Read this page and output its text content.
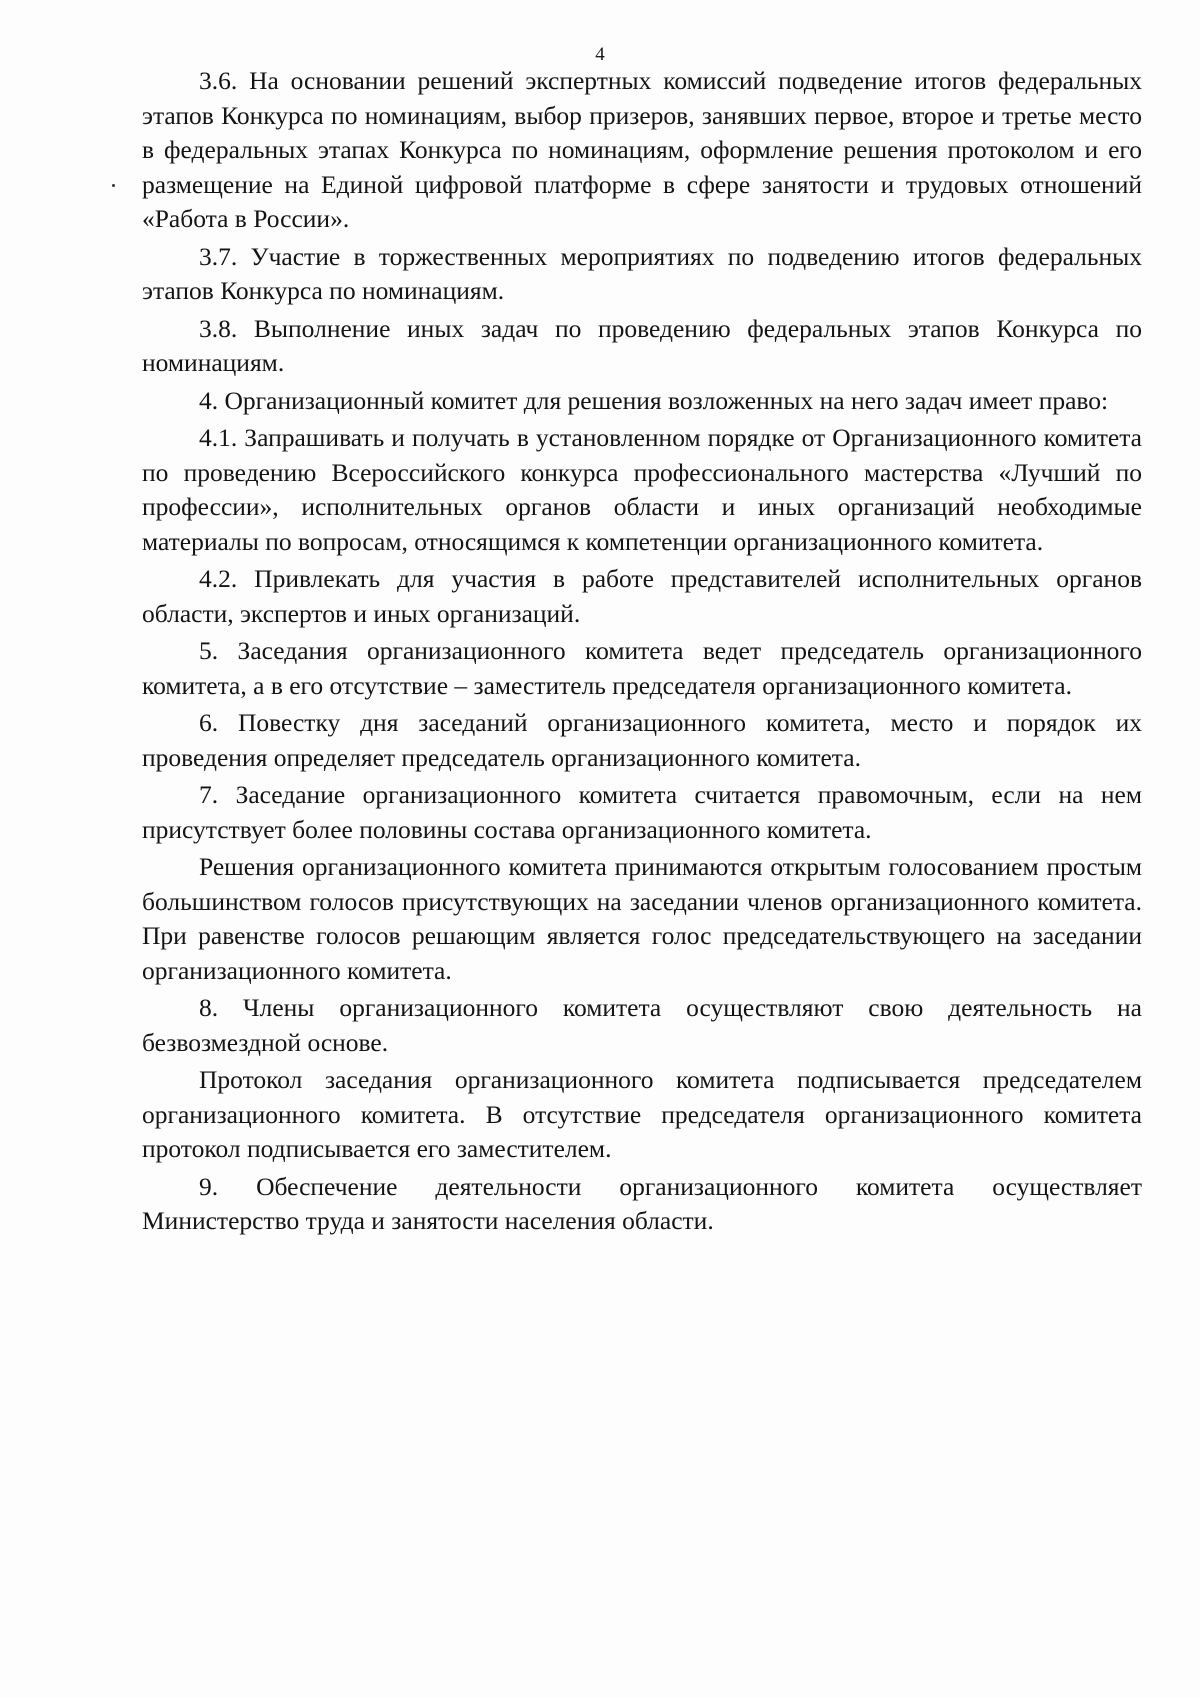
4

3.6. На основании решений экспертных комиссий подведение итогов федеральных этапов Конкурса по номинациям, выбор призеров, занявших первое, второе и третье место в федеральных этапах Конкурса по номинациям, оформление решения протоколом и его размещение на Единой цифровой платформе в сфере занятости и трудовых отношений «Работа в России».

3.7. Участие в торжественных мероприятиях по подведению итогов федеральных этапов Конкурса по номинациям.

3.8. Выполнение иных задач по проведению федеральных этапов Конкурса по номинациям.

4. Организационный комитет для решения возложенных на него задач имеет право:

4.1. Запрашивать и получать в установленном порядке от Организационного комитета по проведению Всероссийского конкурса профессионального мастерства «Лучший по профессии», исполнительных органов области и иных организаций необходимые материалы по вопросам, относящимся к компетенции организационного комитета.

4.2. Привлекать для участия в работе представителей исполнительных органов области, экспертов и иных организаций.

5. Заседания организационного комитета ведет председатель организационного комитета, а в его отсутствие – заместитель председателя организационного комитета.

6. Повестку дня заседаний организационного комитета, место и порядок их проведения определяет председатель организационного комитета.

7. Заседание организационного комитета считается правомочным, если на нем присутствует более половины состава организационного комитета.

Решения организационного комитета принимаются открытым голосованием простым большинством голосов присутствующих на заседании членов организационного комитета. При равенстве голосов решающим является голос председательствующего на заседании организационного комитета.

8. Члены организационного комитета осуществляют свою деятельность на безвозмездной основе.

Протокол заседания организационного комитета подписывается председателем организационного комитета. В отсутствие председателя организационного комитета протокол подписывается его заместителем.

9. Обеспечение деятельности организационного комитета осуществляет Министерство труда и занятости населения области.
